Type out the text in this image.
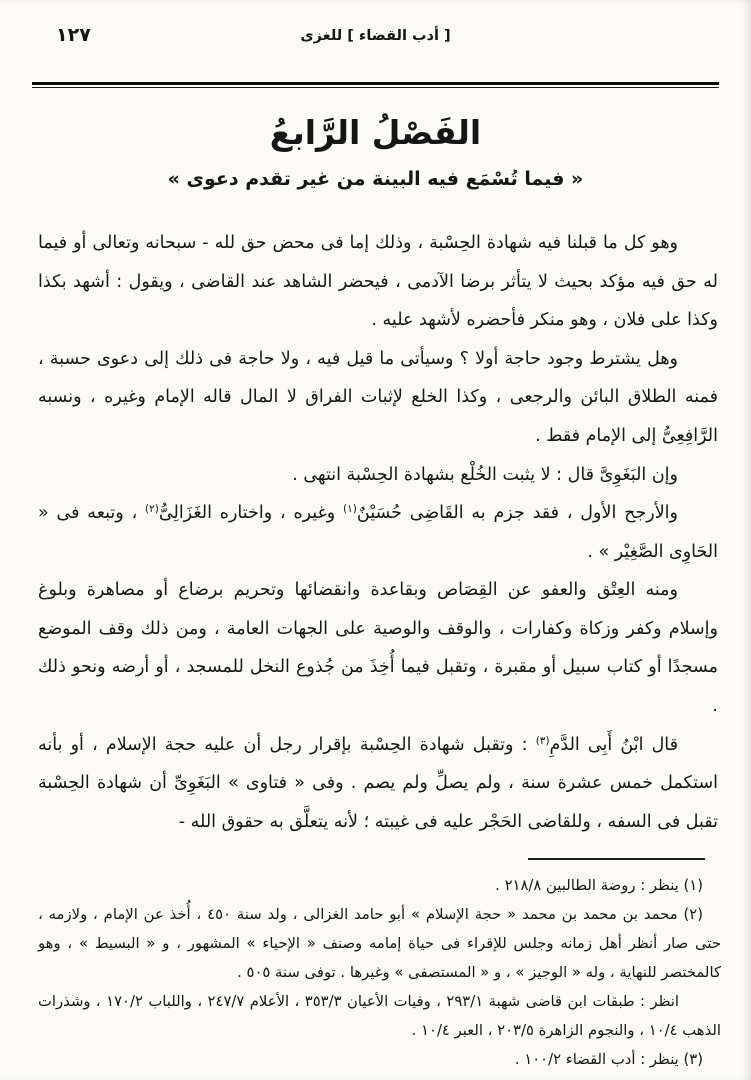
١٢٧	[ أدب القضاء ] للغزى
الفَصْلُ الرَّابعُ
« فيما تُسْمَع فيه البينة من غير تقدم دعوى »

وهو كل ما قبلنا فيه شهادة الحِسْبة ، وذلك إما فى محض حق لله - سبحانه وتعالى أو فيما له حق فيه مؤكد بحيث لا يتأثر برضا الآدمى ، فيحضر الشاهد عند القاضى ، ويقول : أشهد بكذا وكذا على فلان ، وهو منكر فأحضره لأشهد عليه .

وهل يشترط وجود حاجة أولا ؟ وسيأتى ما قيل فيه ، ولا حاجة فى ذلك إلى دعوى حسبة ، فمنه الطلاق البائن والرجعى ، وكذا الخلع لإثبات الفراق لا المال قاله الإمام وغيره ، ونسبه الرَّافِعِىُّ إلى الإمام فقط .

وإن البَغَوِىَّ قال : لا يثبت الخُلْع بشهادة الحِسْبة انتهى .

والأرجح الأول ، فقد جزم به القَاضِى حُسَيْنٌ$^{(١)}$ وغيره ، واختاره الغَزَالِىُّ$^{(٢)}$ ، وتبعه فى « الحَاوِى الصَّغِيْر » .

ومنه العِتْق والعفو عن القِصَاص وبقاعدة وانقضائها وتحريم برضاع أو مصاهرة وبلوغ وإسلام وكفر وزكاة وكفارات ، والوقف والوصية على الجهات العامة ، ومن ذلك وقف الموضع مسجدًا أو كتاب سبيل أو مقبرة ، وتقبل فيما أُخِذَ من جُذوع النخل للمسجد ، أو أرضه ونحو ذلك .

قال ابْنُ أَبِى الدَّمِ$^{(٣)}$ : وتقبل شهادة الحِسْبة بإقرار رجل أن عليه حجة الإسلام ، أو بأنه استكمل خمس عشرة سنة ، ولم يصلِّ ولم يصم . وفى « فتاوى » البَغَوِىِّ أن شهادة الحِسْبة تقبل فى السفه ، وللقاضى الحَجْر عليه فى غيبته ؛ لأنه يتعلَّق به حقوق الله -

(١) ينظر : روضة الطالبين ٢١٨/٨ .

(٢) محمد بن محمد بن محمد « حجة الإسلام » أبو حامد الغزالى ، ولد سنة ٤٥٠ ، أُخذ عن الإمام ، ولازمه ، حتى صار أنظر أهل زمانه وجلس للإقراء فى حياة إمامه وصنف « الإحياء » المشهور ، و « البسيط » ، وهو كالمختصر للنهاية ، وله « الوجيز » ، و « المستصفى » وغيرها . توفى سنة ٥٠٥ .

انظر : طبقات ابن قاضى شهبة ٢٩٣/١ ، وفيات الأعيان ٣٥٣/٣ ، الأعلام ٢٤٧/٧ ، واللباب ١٧٠/٢ ، وشذرات الذهب ١٠/٤ ، والنجوم الزاهرة ٢٠٣/٥ ، العبر ١٠/٤ .

(٣) ينظر : أدب القضاء ١٠٠/٢ .
